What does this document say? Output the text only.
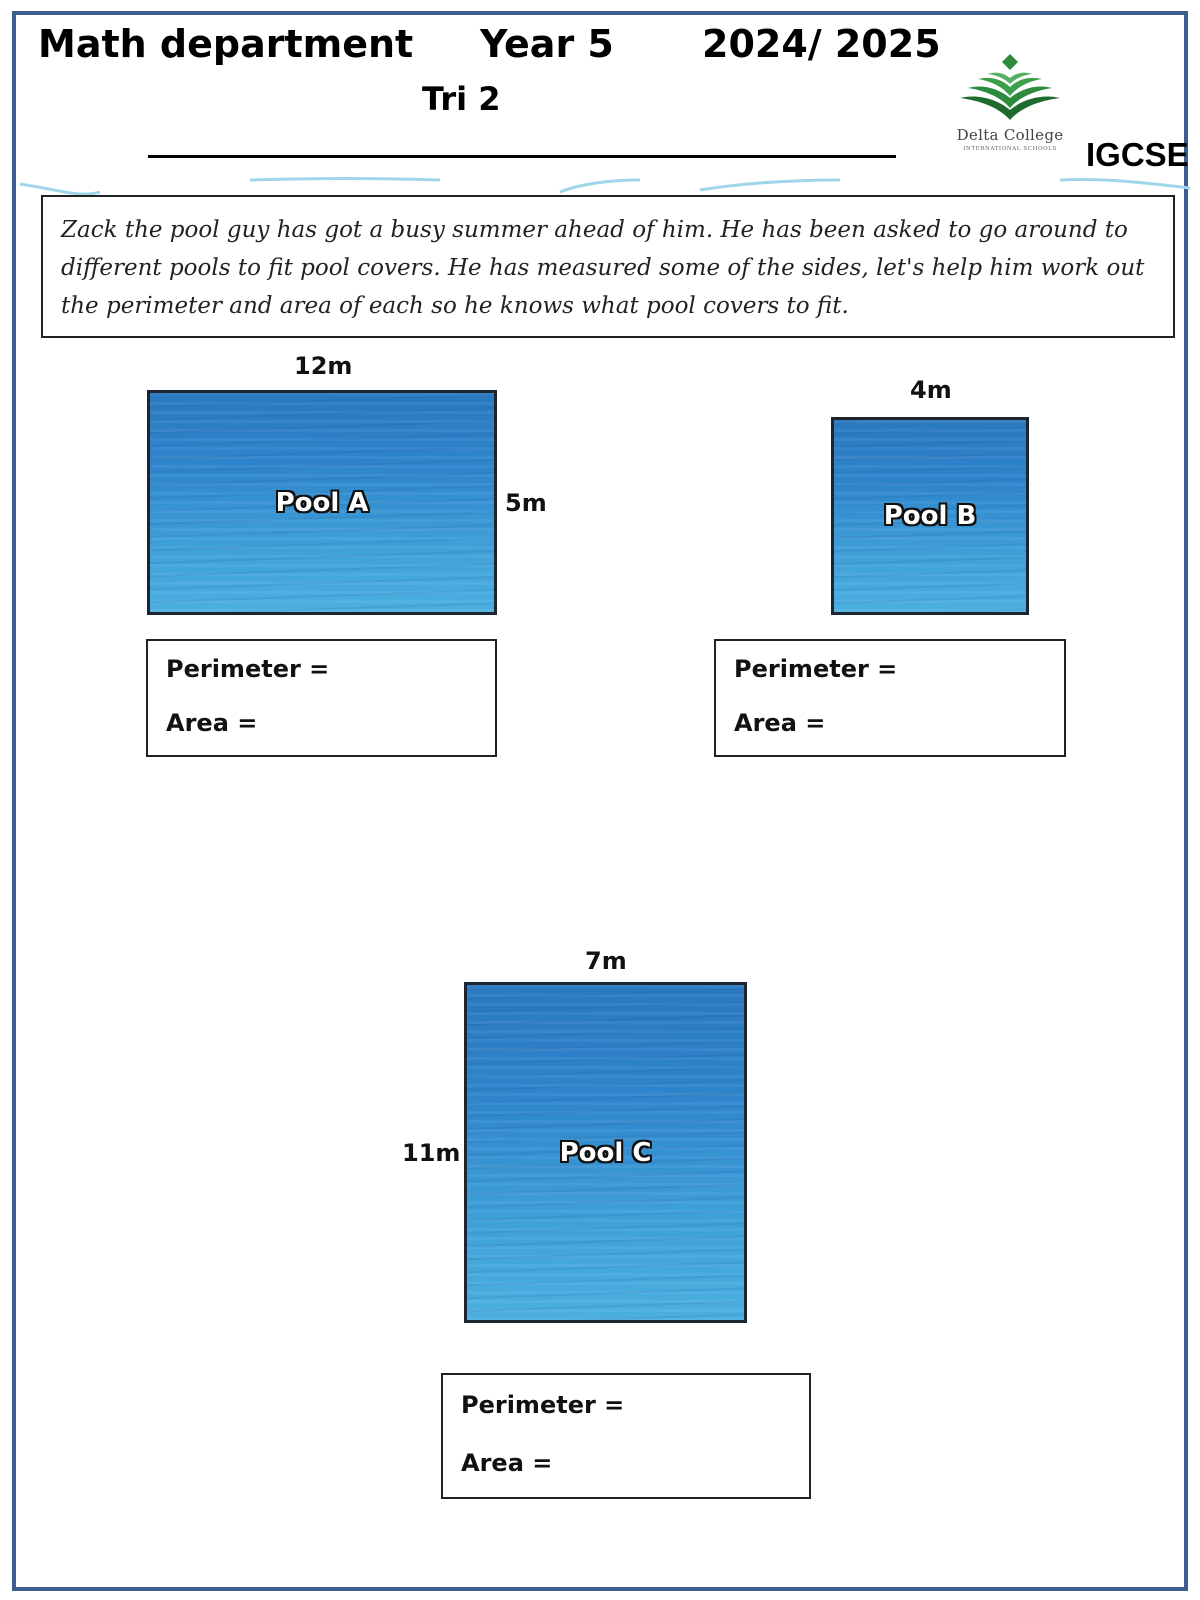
Math department Year 5 2024/ 2025
Tri 2
Delta College
INTERNATIONAL SCHOOLS IGCSE
Zack the pool guy has got a busy summer ahead of him. He has been asked to go around to different pools to fit pool covers. He has measured some of the sides, let's help him work out the perimeter and area of each so he knows what pool covers to fit.
12m
Pool A	5m
Perimeter =
Area =
4m
Pool B
Perimeter =
Area =
7m
Pool C
11m
Perimeter =
Area =
